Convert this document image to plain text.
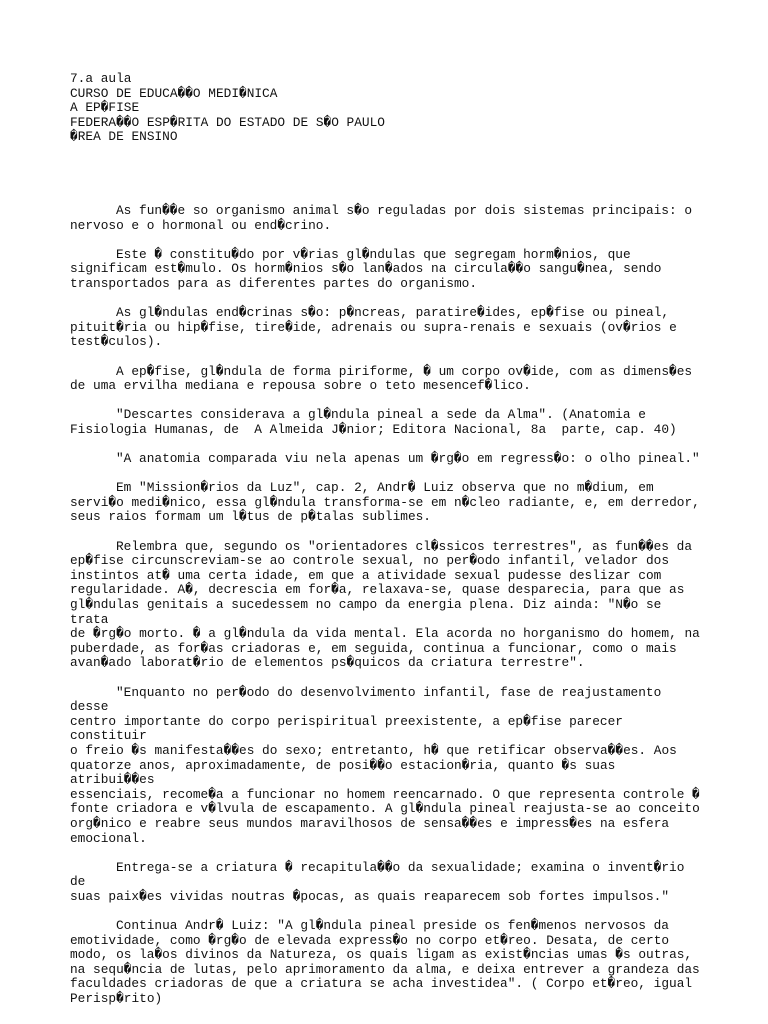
7.a aula
CURSO DE EDUCA��O MEDI�NICA
A EP�FISE
FEDERA��O ESP�RITA DO ESTADO DE S�O PAULO
�REA DE ENSINO

As fun��e so organismo animal s�o reguladas por dois sistemas principais: o
nervoso e o hormonal ou end�crino.

Este � constitu�do por v�rias gl�ndulas que segregam horm�nios, que
significam est�mulo. Os horm�nios s�o lan�ados na circula��o sangu�nea, sendo
transportados para as diferentes partes do organismo.

As gl�ndulas end�crinas s�o: p�ncreas, paratire�ides, ep�fise ou pineal,
pituit�ria ou hip�fise, tire�ide, adrenais ou supra-renais e sexuais (ov�rios e
test�culos).

A ep�fise, gl�ndula de forma piriforme, � um corpo ov�ide, com as dimens�es
de uma ervilha mediana e repousa sobre o teto mesencef�lico.

"Descartes considerava a gl�ndula pineal a sede da Alma". (Anatomia e
Fisiologia Humanas, de  A Almeida J�nior; Editora Nacional, 8a  parte, cap. 40)

"A anatomia comparada viu nela apenas um �rg�o em regress�o: o olho pineal."

Em "Mission�rios da Luz", cap. 2, Andr� Luiz observa que no m�dium, em
servi�o medi�nico, essa gl�ndula transforma-se em n�cleo radiante, e, em derredor,
seus raios formam um l�tus de p�talas sublimes.

Relembra que, segundo os "orientadores cl�ssicos terrestres", as fun��es da
ep�fise circunscreviam-se ao controle sexual, no per�odo infantil, velador dos
instintos at� uma certa idade, em que a atividade sexual pudesse deslizar com
regularidade. A�, decrescia em for�a, relaxava-se, quase desparecia, para que as
gl�ndulas genitais a sucedessem no campo da energia plena. Diz ainda: "N�o se trata
de �rg�o morto. � a gl�ndula da vida mental. Ela acorda no horganismo do homem, na
puberdade, as for�as criadoras e, em seguida, continua a funcionar, como o mais
avan�ado laborat�rio de elementos ps�quicos da criatura terrestre".

"Enquanto no per�odo do desenvolvimento infantil, fase de reajustamento desse
centro importante do corpo perispiritual preexistente, a ep�fise parecer constituir
o freio �s manifesta��es do sexo; entretanto, h� que retificar observa��es. Aos
quatorze anos, aproximadamente, de posi��o estacion�ria, quanto �s suas atribui��es
essenciais, recome�a a funcionar no homem reencarnado. O que representa controle �
fonte criadora e v�lvula de escapamento. A gl�ndula pineal reajusta-se ao conceito
org�nico e reabre seus mundos maravilhosos de sensa��es e impress�es na esfera
emocional.

Entrega-se a criatura � recapitula��o da sexualidade; examina o invent�rio de
suas paix�es vividas noutras �pocas, as quais reaparecem sob fortes impulsos."

Continua Andr� Luiz: "A gl�ndula pineal preside os fen�menos nervosos da
emotividade, como �rg�o de elevada express�o no corpo et�reo. Desata, de certo
modo, os la�os divinos da Natureza, os quais ligam as exist�ncias umas �s outras,
na sequ�ncia de lutas, pelo aprimoramento da alma, e deixa entrever a grandeza das
faculdades criadoras de que a criatura se acha investidea". ( Corpo et�reo, igual
Perisp�rito)
